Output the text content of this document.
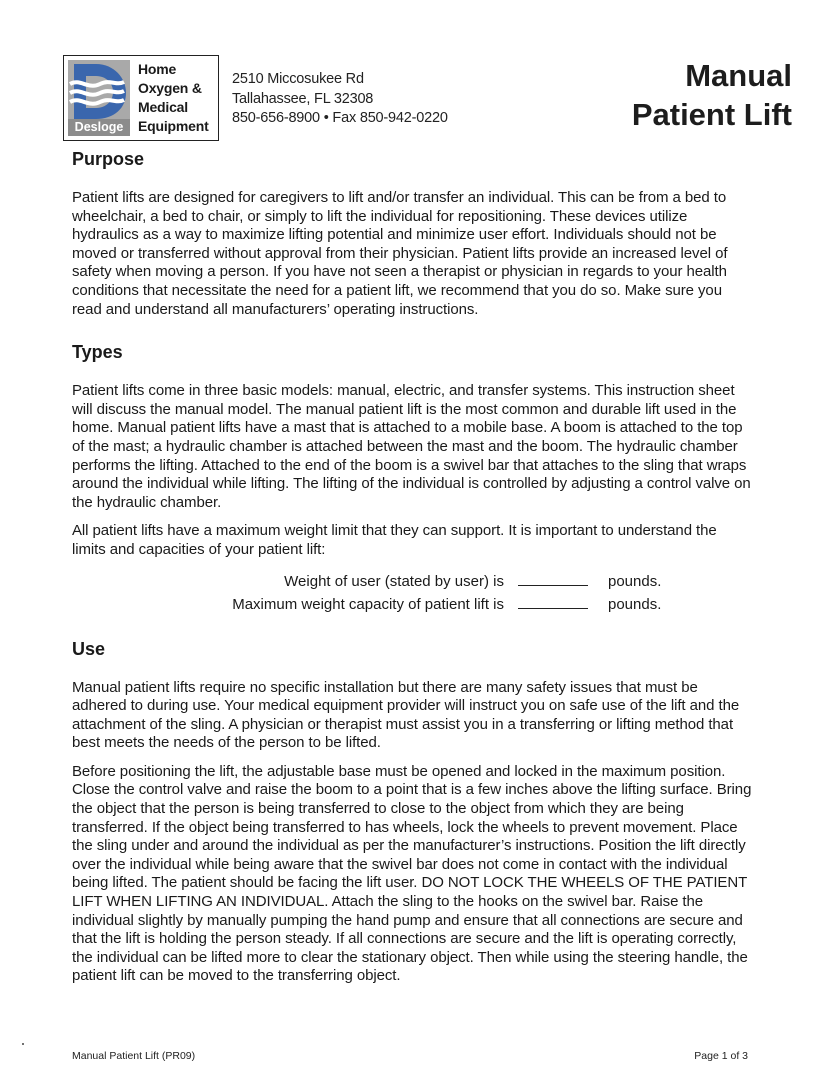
Desloge
Home
Oxygen &
Medical
Equipment
2510 Miccosukee Rd
Tallahassee, FL 32308
850-656-8900 • Fax 850-942-0220
Manual
Patient Lift
Purpose

Patient lifts are designed for caregivers to lift and/or transfer an individual. This can be from a bed to wheelchair, a bed to chair, or simply to lift the individual for repositioning. These devices utilize hydraulics as a way to maximize lifting potential and minimize user effort. Individuals should not be moved or transferred without approval from their physician. Patient lifts provide an increased level of safety when moving a person. If you have not seen a therapist or physician in regards to your health conditions that necessitate the need for a patient lift, we recommend that you do so. Make sure you read and understand all manufacturers’ operating instructions.

Types

Patient lifts come in three basic models: manual, electric, and transfer systems. This instruction sheet will discuss the manual model. The manual patient lift is the most common and durable lift used in the home. Manual patient lifts have a mast that is attached to a mobile base. A boom is attached to the top of the mast; a hydraulic chamber is attached between the mast and the boom. The hydraulic chamber performs the lifting. Attached to the end of the boom is a swivel bar that attaches to the sling that wraps around the individual while lifting. The lifting of the individual is controlled by adjusting a control valve on the hydraulic chamber.

All patient lifts have a maximum weight limit that they can support. It is important to understand the limits and capacities of your patient lift:

Weight of user (stated by user) is	pounds.
Maximum weight capacity of patient lift is	pounds.
Use

Manual patient lifts require no specific installation but there are many safety issues that must be adhered to during use. Your medical equipment provider will instruct you on safe use of the lift and the attachment of the sling. A physician or therapist must assist you in a transferring or lifting method that best meets the needs of the person to be lifted.

Before positioning the lift, the adjustable base must be opened and locked in the maximum position. Close the control valve and raise the boom to a point that is a few inches above the lifting surface. Bring the object that the person is being transferred to close to the object from which they are being transferred. If the object being transferred to has wheels, lock the wheels to prevent movement. Place the sling under and around the individual as per the manufacturer’s instructions. Position the lift directly over the individual while being aware that the swivel bar does not come in contact with the individual being lifted. The patient should be facing the lift user. DO NOT LOCK THE WHEELS OF THE PATIENT LIFT WHEN LIFTING AN INDIVIDUAL. Attach the sling to the hooks on the swivel bar. Raise the individual slightly by manually pumping the hand pump and ensure that all connections are secure and that the lift is holding the person steady. If all connections are secure and the lift is operating correctly, the individual can be lifted more to clear the stationary object. Then while using the steering handle, the patient lift can be moved to the transferring object.

Manual Patient Lift (PR09)	Page 1 of 3
